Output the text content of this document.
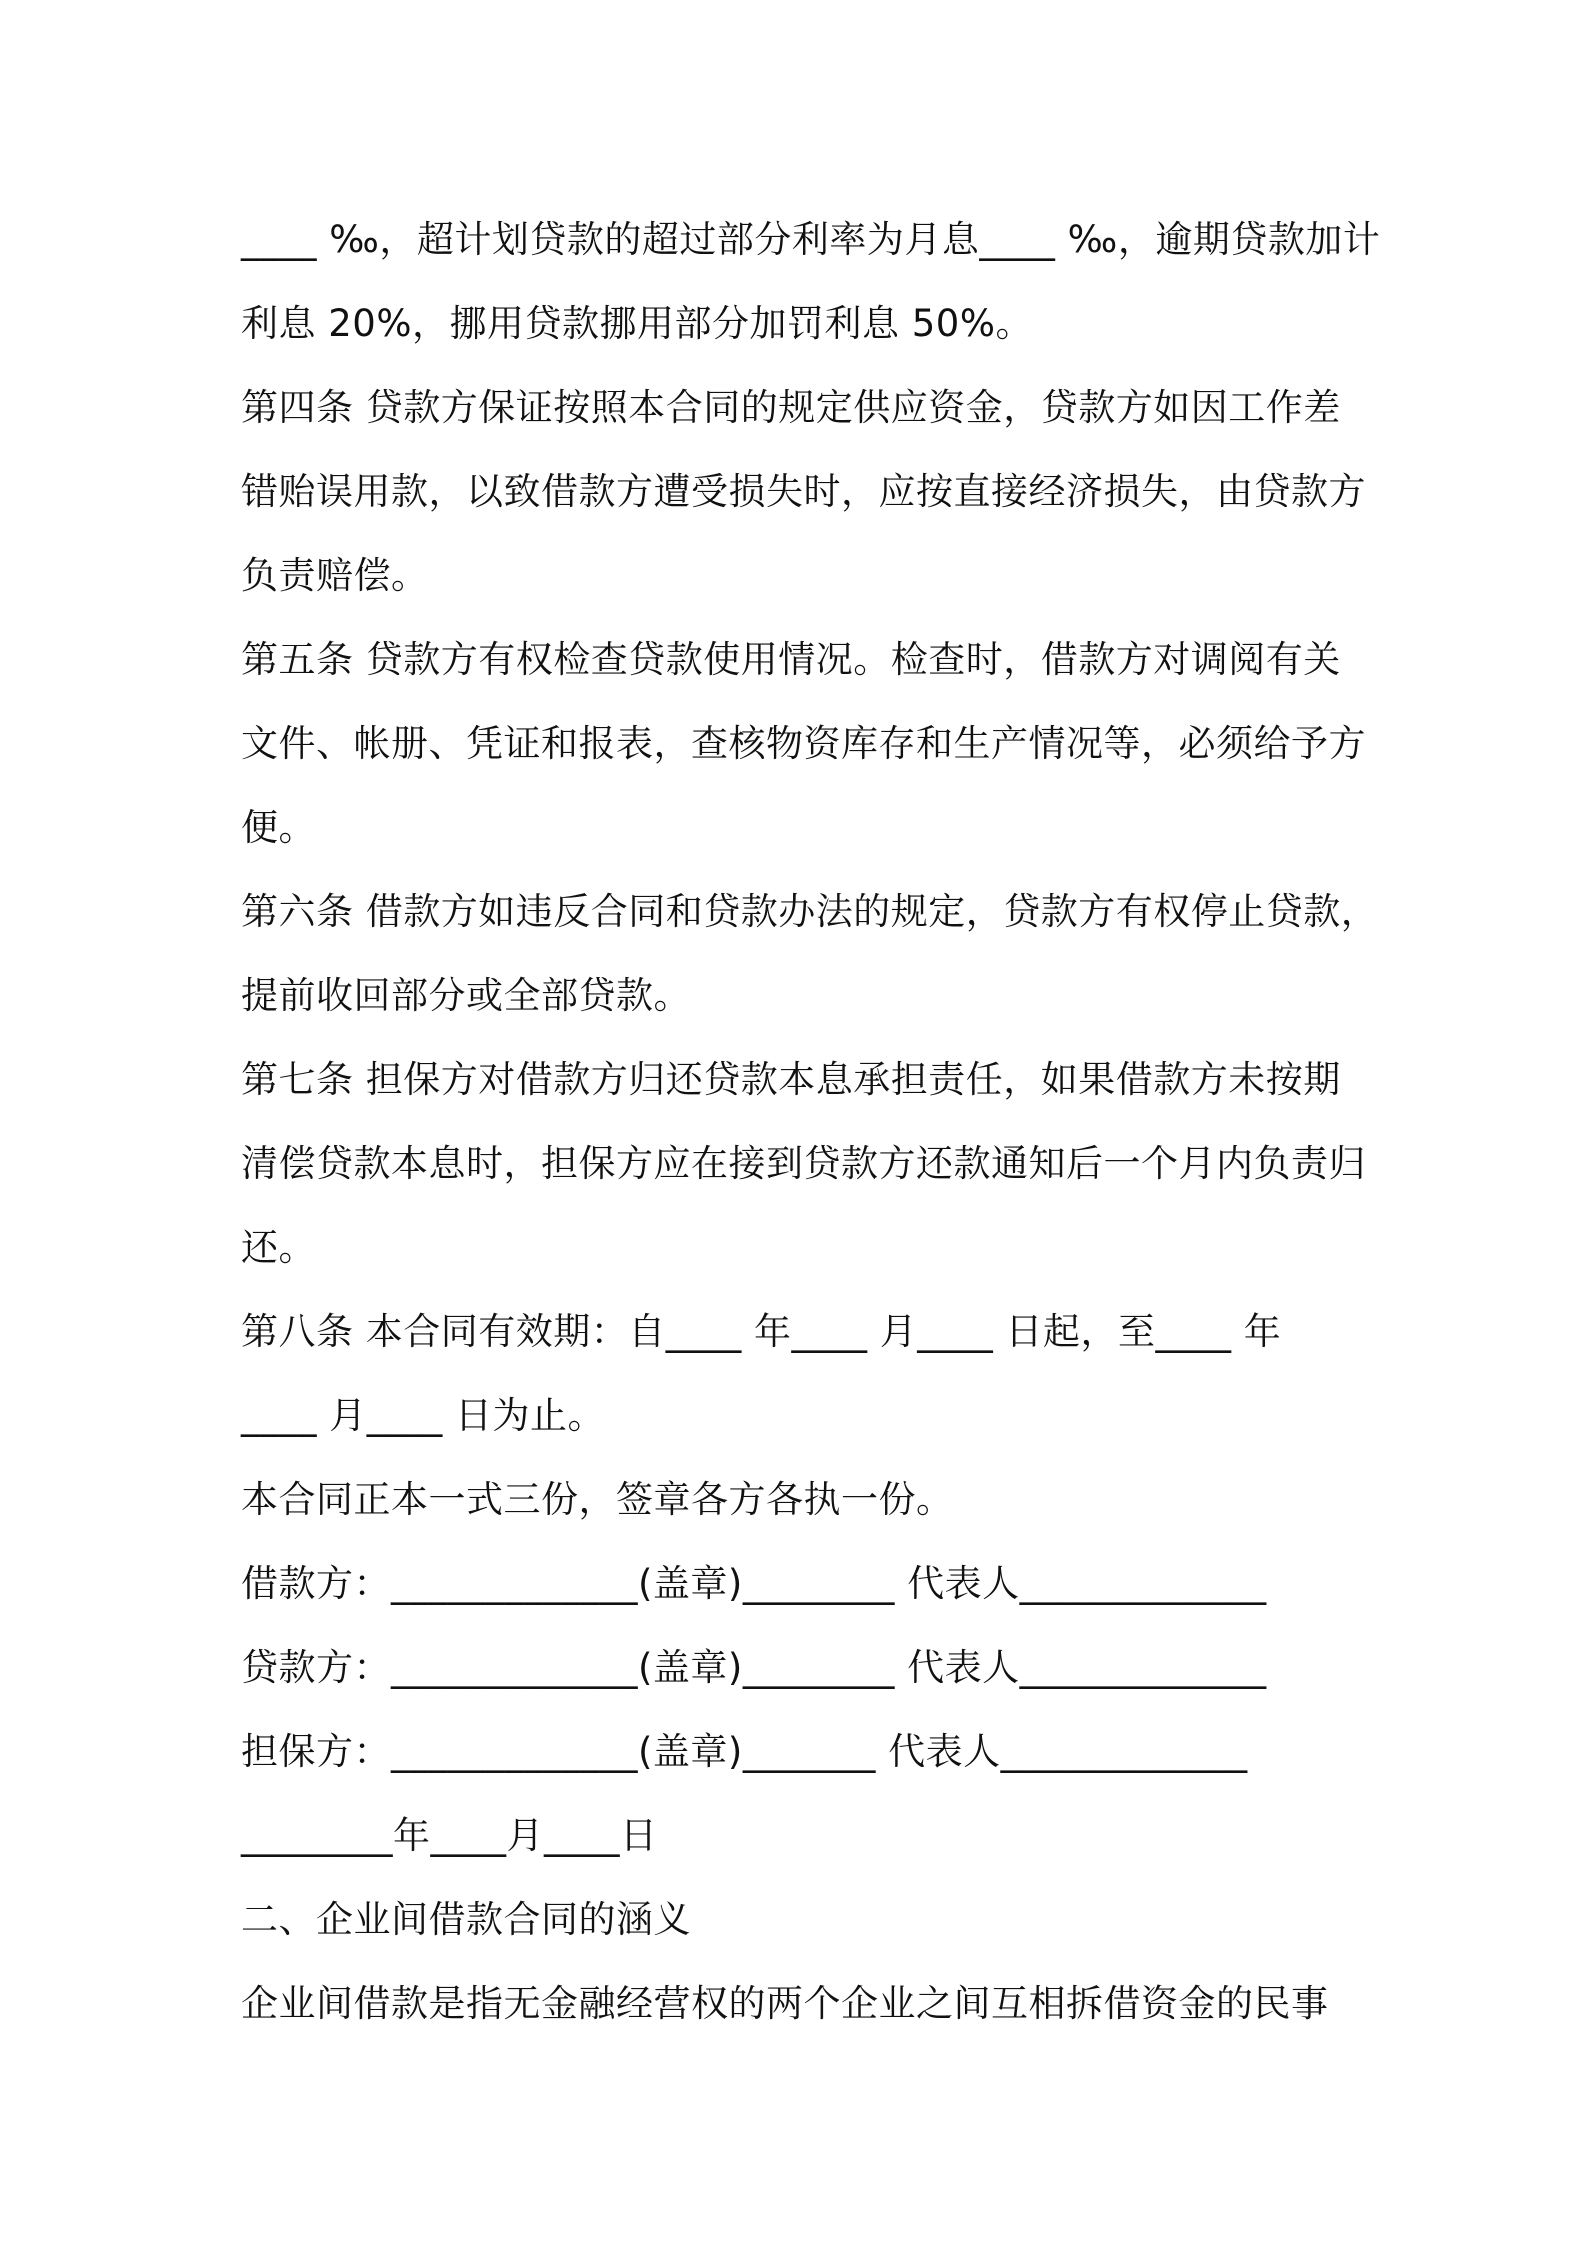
____ ‰，超计划贷款的超过部分利率为月息____ ‰，逾期贷款加计
利息 20%，挪用贷款挪用部分加罚利息 50%。
第四条 贷款方保证按照本合同的规定供应资金，贷款方如因工作差
错贻误用款，以致借款方遭受损失时，应按直接经济损失，由贷款方
负责赔偿。
第五条 贷款方有权检查贷款使用情况。检查时，借款方对调阅有关
文件、帐册、凭证和报表，查核物资库存和生产情况等，必须给予方
便。
第六条 借款方如违反合同和贷款办法的规定，贷款方有权停止贷款，
提前收回部分或全部贷款。
第七条 担保方对借款方归还贷款本息承担责任，如果借款方未按期
清偿贷款本息时，担保方应在接到贷款方还款通知后一个月内负责归
还。
第八条 本合同有效期：自____ 年____ 月____ 日起，至____ 年
____ 月____ 日为止。
本合同正本一式三份，签章各方各执一份。
借款方：_____________(盖章)________ 代表人_____________
贷款方：_____________(盖章)________ 代表人_____________
担保方：_____________(盖章)_______ 代表人_____________
________年____月____日
二、企业间借款合同的涵义
企业间借款是指无金融经营权的两个企业之间互相拆借资金的民事
